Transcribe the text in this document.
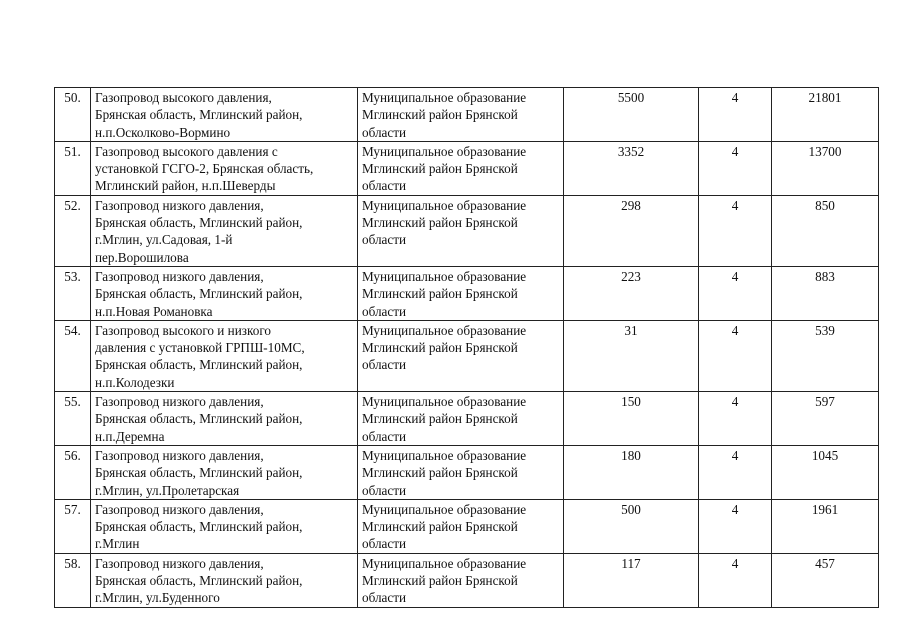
50.	Газопровод высокого давления,
Брянская область, Мглинский район,
н.п.Осколково-Вормино	Муниципальное образование
Мглинский район Брянской
области	5500	4	21801
51.	Газопровод высокого давления с
установкой ГСГО-2, Брянская область,
Мглинский район, н.п.Шеверды	Муниципальное образование
Мглинский район Брянской
области	3352	4	13700
52.	Газопровод низкого давления,
Брянская область, Мглинский район,
г.Мглин, ул.Садовая, 1-й
пер.Ворошилова	Муниципальное образование
Мглинский район Брянской
области	298	4	850
53.	Газопровод низкого давления,
Брянская область, Мглинский район,
н.п.Новая Романовка	Муниципальное образование
Мглинский район Брянской
области	223	4	883
54.	Газопровод высокого и низкого
давления с установкой ГРПШ-10МС,
Брянская область, Мглинский район,
н.п.Колодезки	Муниципальное образование
Мглинский район Брянской
области	31	4	539
55.	Газопровод низкого давления,
Брянская область, Мглинский район,
н.п.Деремна	Муниципальное образование
Мглинский район Брянской
области	150	4	597
56.	Газопровод низкого давления,
Брянская область, Мглинский район,
г.Мглин, ул.Пролетарская	Муниципальное образование
Мглинский район Брянской
области	180	4	1045
57.	Газопровод низкого давления,
Брянская область, Мглинский район,
г.Мглин	Муниципальное образование
Мглинский район Брянской
области	500	4	1961
58.	Газопровод низкого давления,
Брянская область, Мглинский район,
г.Мглин, ул.Буденного	Муниципальное образование
Мглинский район Брянской
области	117	4	457
